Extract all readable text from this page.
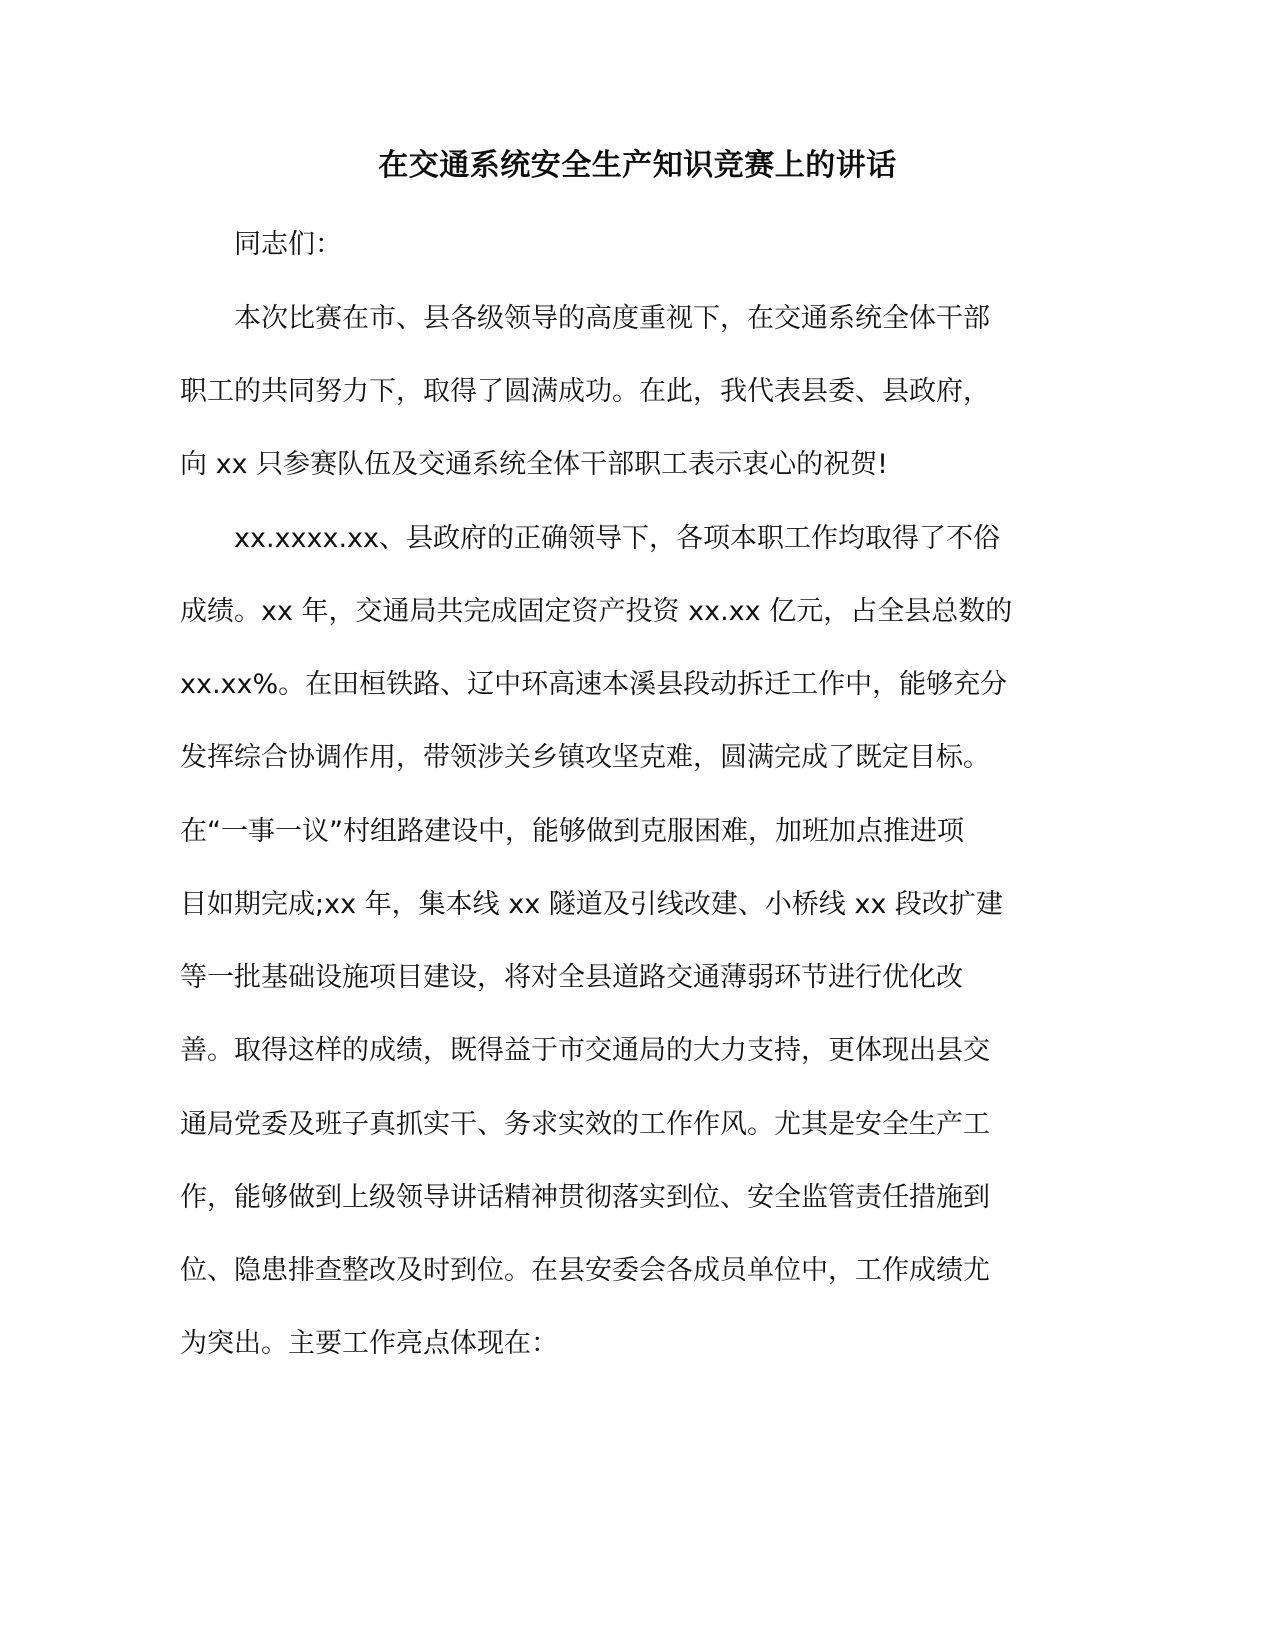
在交通系统安全生产知识竞赛上的讲话
同志们：
本次比赛在市、县各级领导的高度重视下，在交通系统全体干部
职工的共同努力下，取得了圆满成功。在此，我代表县委、县政府，
向 xx 只参赛队伍及交通系统全体干部职工表示衷心的祝贺!
xx.xxxx.xx、县政府的正确领导下，各项本职工作均取得了不俗
成绩。xx 年，交通局共完成固定资产投资 xx.xx 亿元，占全县总数的
xx.xx%。在田桓铁路、辽中环高速本溪县段动拆迁工作中，能够充分
发挥综合协调作用，带领涉关乡镇攻坚克难，圆满完成了既定目标。
在“一事一议”村组路建设中，能够做到克服困难，加班加点推进项
目如期完成;xx 年，集本线 xx 隧道及引线改建、小桥线 xx 段改扩建
等一批基础设施项目建设，将对全县道路交通薄弱环节进行优化改
善。取得这样的成绩，既得益于市交通局的大力支持，更体现出县交
通局党委及班子真抓实干、务求实效的工作作风。尤其是安全生产工
作，能够做到上级领导讲话精神贯彻落实到位、安全监管责任措施到
位、隐患排查整改及时到位。在县安委会各成员单位中，工作成绩尤
为突出。主要工作亮点体现在：
